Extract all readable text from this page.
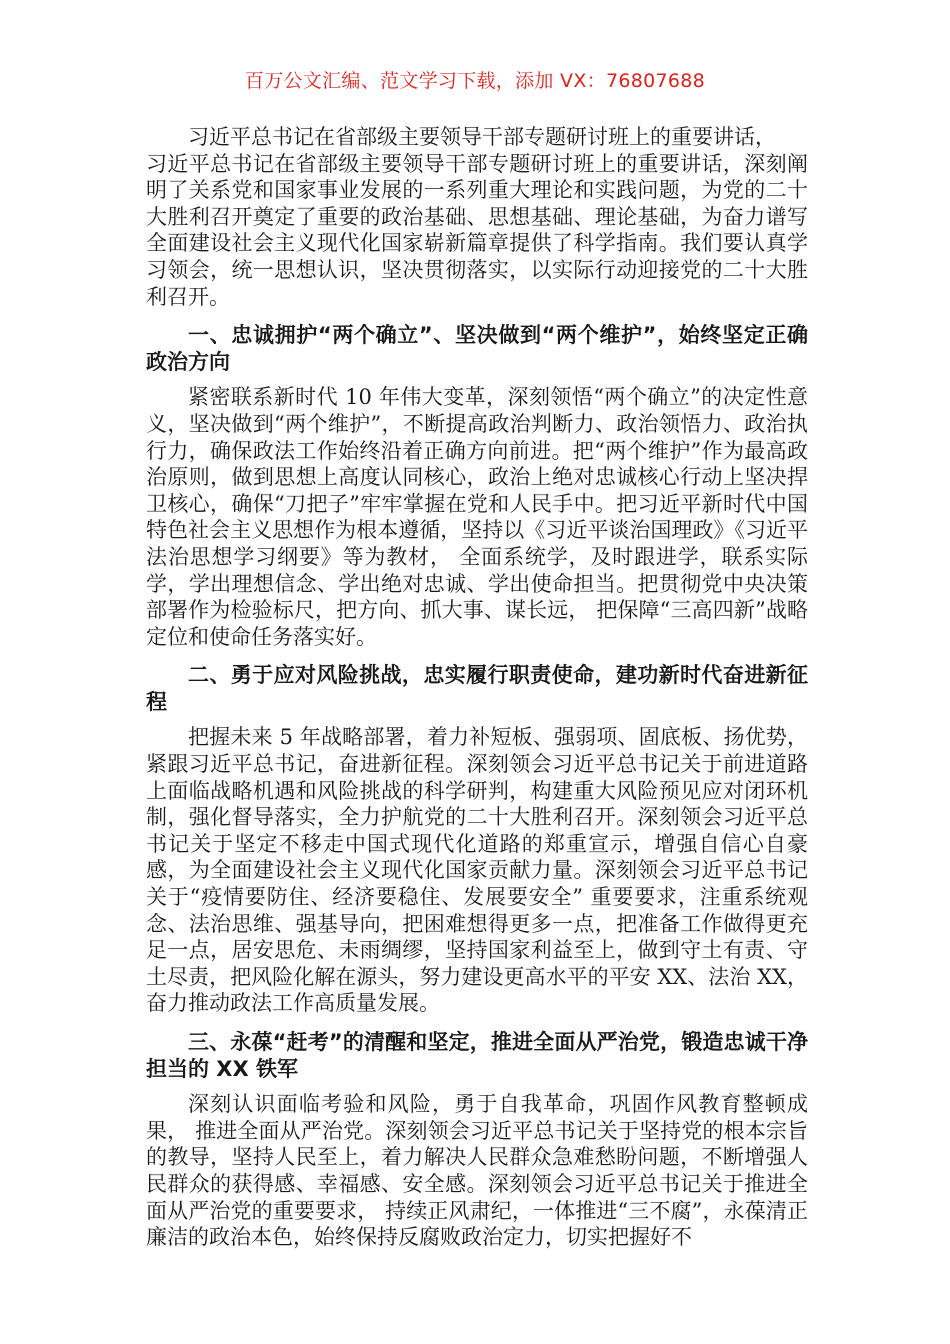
百万公文汇编、范文学习下载，添加 VX：76807688

习近平总书记在省部级主要领导干部专题研讨班上的重要讲话，

习近平总书记在省部级主要领导干部专题研讨班上的重要讲话，深刻阐明了关系党和国家事业发展的一系列重大理论和实践问题，为党的二十大胜利召开奠定了重要的政治基础、思想基础、理论基础，为奋力谱写全面建设社会主义现代化国家崭新篇章提供了科学指南。我们要认真学习领会，统一思想认识，坚决贯彻落实，以实际行动迎接党的二十大胜利召开。

一、忠诚拥护“两个确立”、坚决做到“两个维护”，始终坚定正确政治方向

紧密联系新时代 10 年伟大变革，深刻领悟“两个确立”的决定性意义，坚决做到“两个维护”，不断提高政治判断力、政治领悟力、政治执行力，确保政法工作始终沿着正确方向前进。把“两个维护”作为最高政治原则，做到思想上高度认同核心，政治上绝对忠诚核心行动上坚决捍卫核心，确保“刀把子”牢牢掌握在党和人民手中。把习近平新时代中国特色社会主义思想作为根本遵循，坚持以《习近平谈治国理政》《习近平法治思想学习纲要》等为教材， 全面系统学，及时跟进学，联系实际学，学出理想信念、学出绝对忠诚、学出使命担当。把贯彻党中央决策部署作为检验标尺，把方向、抓大事、谋长远， 把保障“三高四新”战略定位和使命任务落实好。

二、勇于应对风险挑战，忠实履行职责使命，建功新时代奋进新征程

把握未来 5 年战略部署，着力补短板、强弱项、固底板、扬优势，紧跟习近平总书记，奋进新征程。深刻领会习近平总书记关于前进道路上面临战略机遇和风险挑战的科学研判，构建重大风险预见应对闭环机制，强化督导落实，全力护航党的二十大胜利召开。深刻领会习近平总书记关于坚定不移走中国式现代化道路的郑重宣示，增强自信心自豪感，为全面建设社会主义现代化国家贡献力量。深刻领会习近平总书记关于“疫情要防住、经济要稳住、发展要安全” 重要要求，注重系统观念、法治思维、强基导向，把困难想得更多一点，把准备工作做得更充足一点，居安思危、未雨绸缪，坚持国家利益至上，做到守土有责、守土尽责，把风险化解在源头，努力建设更高水平的平安 XX、法治 XX，奋力推动政法工作高质量发展。

三、永葆“赶考”的清醒和坚定，推进全面从严治党，锻造忠诚干净担当的 XX 铁军

深刻认识面临考验和风险，勇于自我革命，巩固作风教育整顿成果， 推进全面从严治党。深刻领会习近平总书记关于坚持党的根本宗旨的教导，坚持人民至上，着力解决人民群众急难愁盼问题，不断增强人民群众的获得感、幸福感、安全感。深刻领会习近平总书记关于推进全面从严治党的重要要求， 持续正风肃纪，一体推进“三不腐”，永葆清正廉洁的政治本色，始终保持反腐败政治定力，切实把握好不
